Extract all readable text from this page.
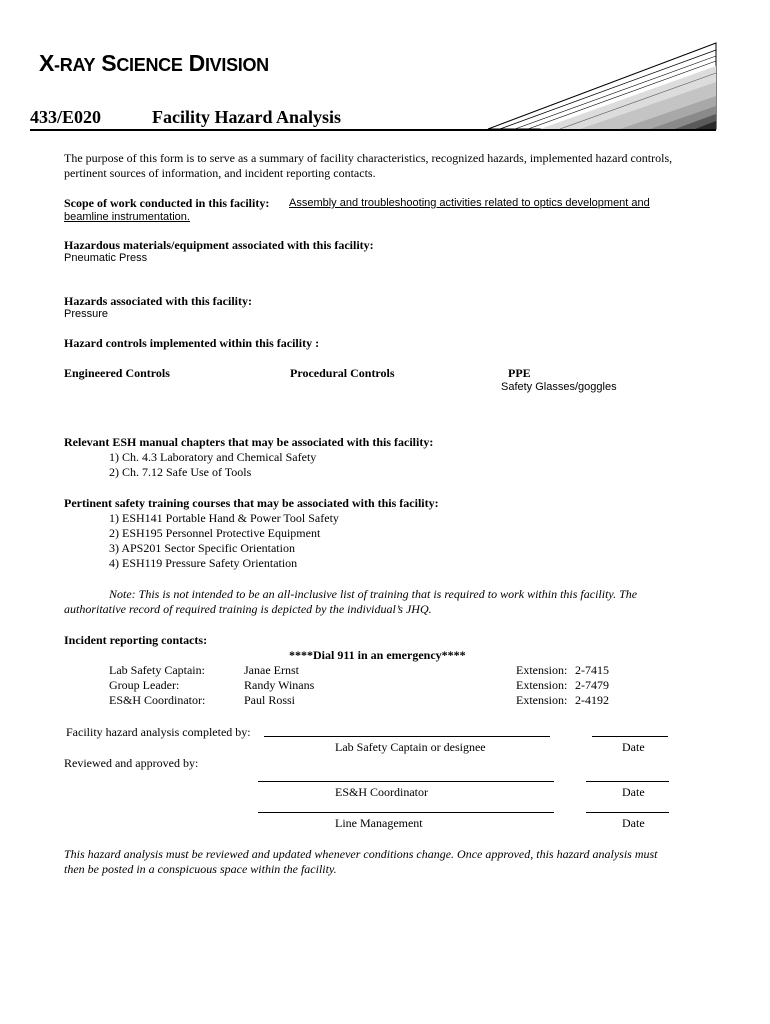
X-RAY SCIENCE DIVISION
433/E020	Facility Hazard Analysis
The purpose of this form is to serve as a summary of facility characteristics, recognized hazards, implemented hazard controls,
pertinent sources of information, and incident reporting contacts.
Scope of work conducted in this facility: Assembly and troubleshooting activities related to optics development and
beamline instrumentation.
Hazardous materials/equipment associated with this facility:
Pneumatic Press
Hazards associated with this facility:
Pressure
Hazard controls implemented within this facility :
Engineered Controls	Procedural Controls	PPE
Safety Glasses/goggles
Relevant ESH manual chapters that may be associated with this facility:
1) Ch. 4.3 Laboratory and Chemical Safety
2) Ch. 7.12 Safe Use of Tools
Pertinent safety training courses that may be associated with this facility:
1) ESH141 Portable Hand & Power Tool Safety
2) ESH195 Personnel Protective Equipment
3) APS201 Sector Specific Orientation
4) ESH119 Pressure Safety Orientation
Note: This is not intended to be an all-inclusive list of training that is required to work within this facility. The
authoritative record of required training is depicted by the individual’s JHQ.
Incident reporting contacts:
****Dial 911 in an emergency****
Lab Safety Captain:	Janae Ernst	Extension: 2-7415
Group Leader:	Randy Winans	Extension: 2-7479
ES&H Coordinator:	Paul Rossi	Extension: 2-4192
Facility hazard analysis completed by:
Lab Safety Captain or designee	Date
Reviewed and approved by:
ES&H Coordinator	Date
Line Management	Date
This hazard analysis must be reviewed and updated whenever conditions change. Once approved, this hazard analysis must
then be posted in a conspicuous space within the facility.
